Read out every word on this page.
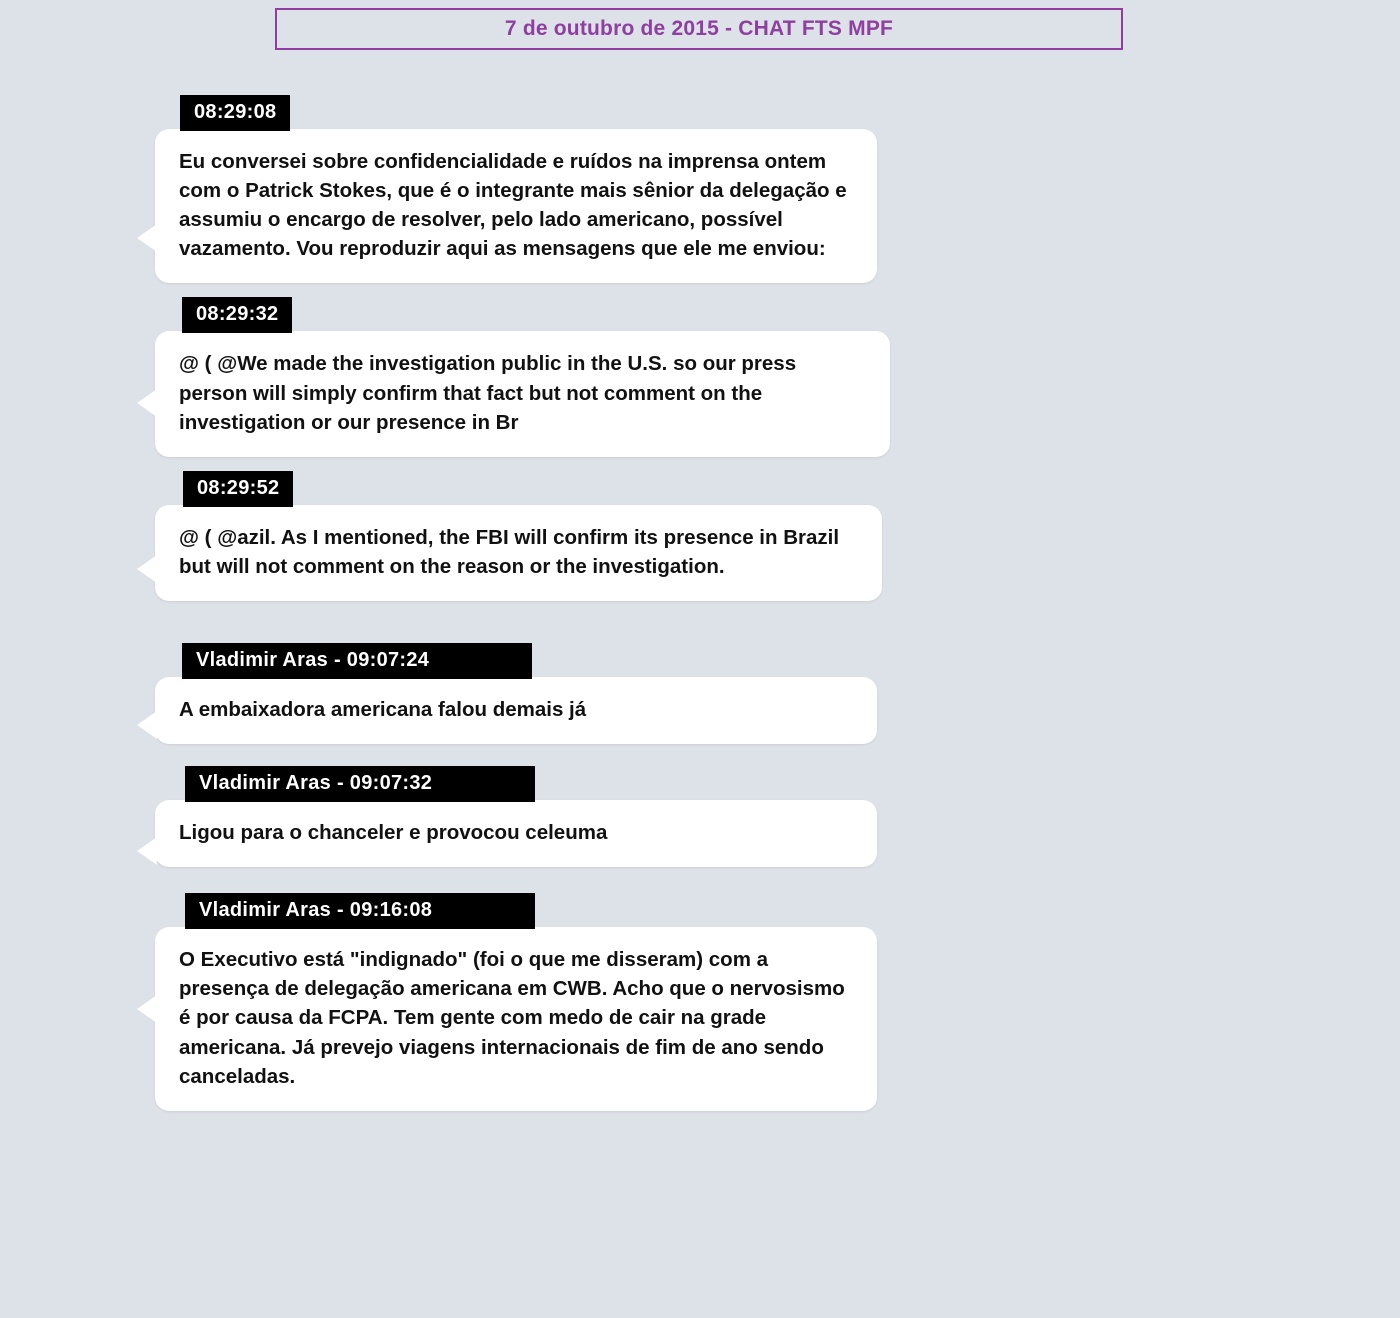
7 de outubro de 2015 - CHAT FTS MPF
08:29:08

Eu conversei sobre confidencialidade e ruídos na imprensa ontem com o Patrick Stokes, que é o integrante mais sênior da delegação e assumiu o encargo de resolver, pelo lado americano, possível vazamento. Vou reproduzir aqui as mensagens que ele me enviou:

08:29:32

@ ( @We made the investigation public in the U.S. so our press person will simply confirm that fact but not comment on the investigation or our presence in Br

08:29:52

@ ( @azil. As I mentioned, the FBI will confirm its presence in Brazil but will not comment on the reason or the investigation.

Vladimir Aras - 09:07:24

A embaixadora americana falou demais já

Vladimir Aras - 09:07:32

Ligou para o chanceler e provocou celeuma

Vladimir Aras - 09:16:08

O Executivo está "indignado" (foi o que me disseram) com a presença de delegação americana em CWB. Acho que o nervosismo é por causa da FCPA. Tem gente com medo de cair na grade americana. Já prevejo viagens internacionais de fim de ano sendo canceladas.
